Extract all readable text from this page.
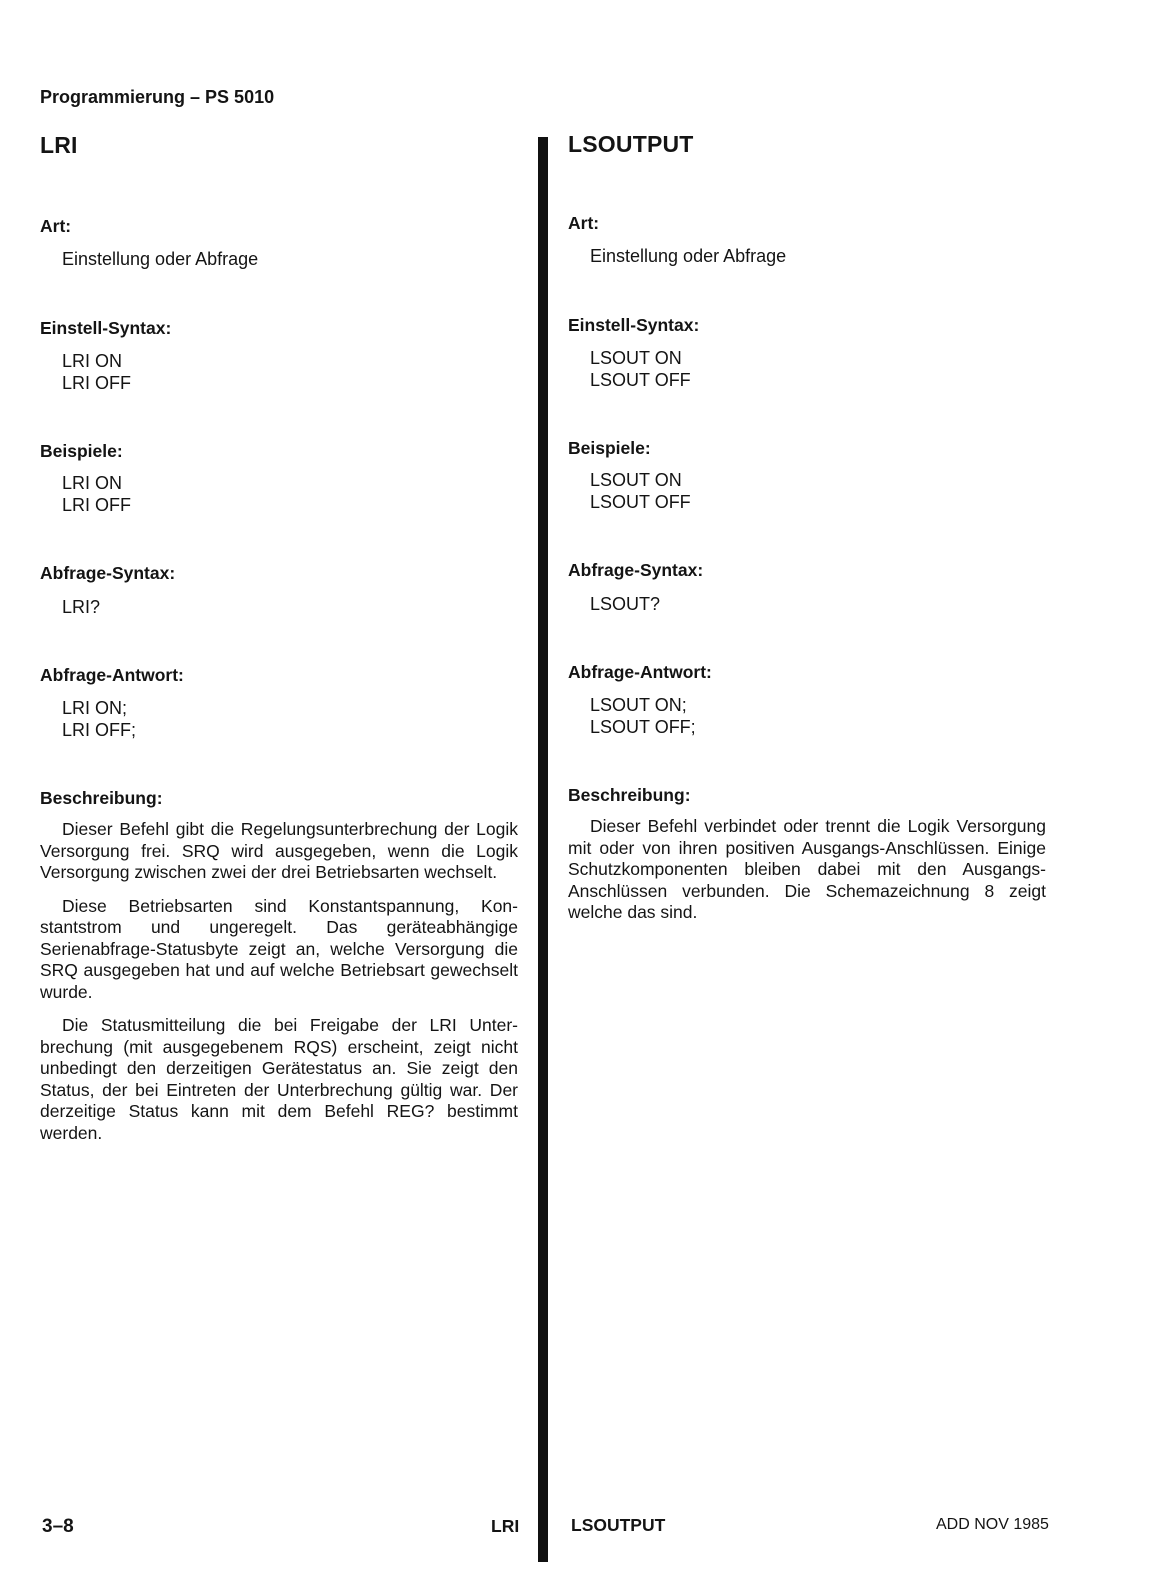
Programmierung – PS 5010
LRI
Art:
Einstellung oder Abfrage
Einstell-Syntax:
LRI ON
LRI OFF
Beispiele:
LRI ON
LRI OFF
Abfrage-Syntax:
LRI?
Abfrage-Antwort:
LRI ON;
LRI OFF;
Beschreibung:

Dieser Befehl gibt die Regelungsunterbrechung der Logik Versorgung frei. SRQ wird ausgegeben, wenn die Logik Versorgung zwischen zwei der drei Betriebsarten wechselt.

Diese Betriebsarten sind Konstantspannung, Konstantstrom und ungeregelt. Das geräteabhängige Serienabfrage-Statusbyte zeigt an, welche Versorgung die SRQ ausgegeben hat und auf welche Betriebsart gewechselt wurde.

Die Statusmitteilung die bei Freigabe der LRI Unterbrechung (mit ausgegebenem RQS) erscheint, zeigt nicht unbedingt den derzeitigen Gerätestatus an. Sie zeigt den Status, der bei Eintreten der Unterbrechung gültig war. Der derzeitige Status kann mit dem Befehl REG? bestimmt werden.

LSOUTPUT
Art:
Einstellung oder Abfrage
Einstell-Syntax:
LSOUT ON
LSOUT OFF
Beispiele:
LSOUT ON
LSOUT OFF
Abfrage-Syntax:
LSOUT?
Abfrage-Antwort:
LSOUT ON;
LSOUT OFF;
Beschreibung:

Dieser Befehl verbindet oder trennt die Logik Versorgung mit oder von ihren positiven Ausgangs-Anschlüssen. Einige Schutzkomponenten bleiben dabei mit den Ausgangs-Anschlüssen verbunden. Die Schemazeichnung 8 zeigt welche das sind.

3–8	LRI	LSOUTPUT	ADD NOV 1985
